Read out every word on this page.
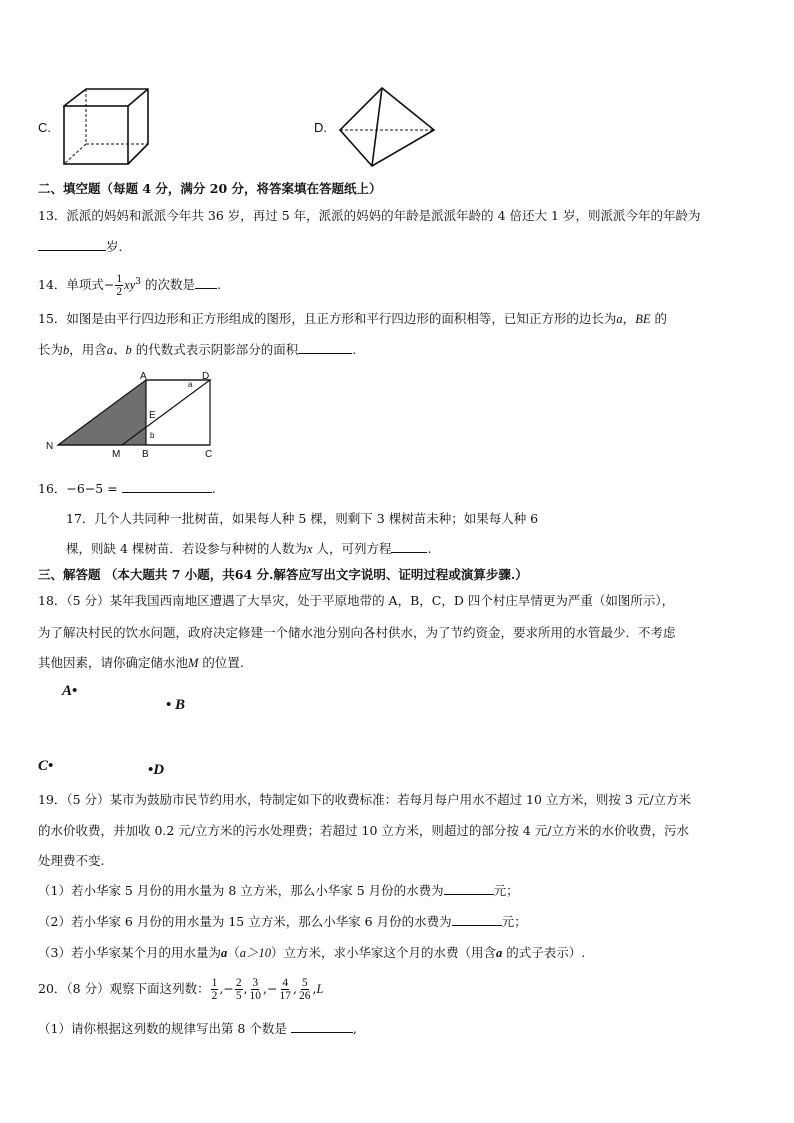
C.	D.
二、填空题（每题 4 分，满分 20 分，将答案填在答题纸上）
13．派派的妈妈和派派今年共 36 岁，再过 5 年，派派的妈妈的年龄是派派年龄的 4 倍还大 1 岁，则派派今年的年龄为
岁.
14．单项式− $\frac{1}{2} xy^3$ 的次数是 .
15．如图是由平行四边形和正方形组成的图形，且正方形和平行四边形的面积相等，已知正方形的边长为a，BE 的
长为b，用含a、b 的代数式表示阴影部分的面积	.
A	D
E
N
M B	C
a
b
16．−6−5 =	.
17．几个人共同种一批树苗，如果每人种 5 棵，则剩下 3 棵树苗未种；如果每人种 6
棵，则缺 4 棵树苗．若设参与种树的人数为x 人，可列方程	.
三、解答题 （本大题共 7 小题，共64 分.解答应写出文字说明、证明过程或演算步骤.）
18．（5 分）某年我国西南地区遭遇了大旱灾，处于平原地带的 A，B，C，D 四个村庄旱情更为严重（如图所示），
为了解决村民的饮水问题，政府决定修建一个储水池分别向各村供水，为了节约资金，要求所用的水管最少．不考虑
其他因素，请你确定储水池M 的位置.
A•
• B
C•	•D
19．（5 分）某市为鼓励市民节约用水，特制定如下的收费标准：若每月每户用水不超过 10 立方米，则按 3 元/立方米
的水价收费，并加收 0.2 元/立方米的污水处理费；若超过 10 立方米，则超过的部分按 4 元/立方米的水价收费，污水
处理费不变.
（1）若小华家 5 月份的用水量为 8 立方米，那么小华家 5 月份的水费为	元；
（2）若小华家 6 月份的用水量为 15 立方米，那么小华家 6 月份的水费为	元；
（3）若小华家某个月的用水量为a（a＞10）立方米，求小华家这个月的水费（用含a 的式子表示）.
20．（8 分）观察下面这列数： $\frac{1}{2}$ ,− $\frac{2}{5}$ , $\frac{3}{10}$ ,− $\frac{4}{17}$ , $\frac{5}{26} ,L$
（1）请你根据这列数的规律写出第 8 个数是	,
